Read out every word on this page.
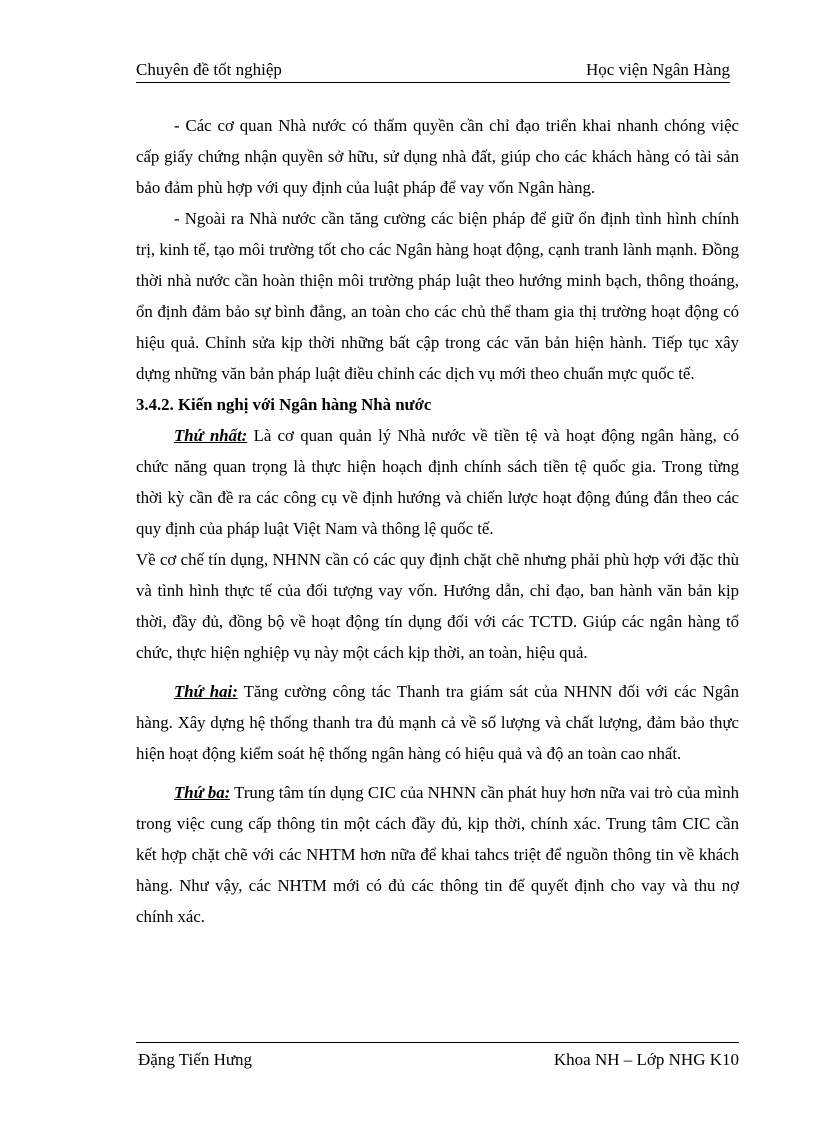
Chuyên đề tốt nghiệp	Học viện Ngân Hàng

- Các cơ quan Nhà nước có thẩm quyền cần chỉ đạo triển khai nhanh chóng việc cấp giấy chứng nhận quyền sở hữu, sử dụng nhà đất, giúp cho các khách hàng có tài sản bảo đảm phù hợp với quy định của luật pháp để vay vốn Ngân hàng.

- Ngoài ra Nhà nước cần tăng cường các biện pháp để giữ ổn định tình hình chính trị, kinh tế, tạo môi trường tốt cho các Ngân hàng hoạt động, cạnh tranh lành mạnh. Đồng thời nhà nước cần hoàn thiện môi trường pháp luật theo hướng minh bạch, thông thoáng, ổn định đảm bảo sự bình đẳng, an toàn cho các chủ thể tham gia thị trường hoạt động có hiệu quả. Chỉnh sửa kịp thời những bất cập trong các văn bản hiện hành. Tiếp tục xây dựng những văn bản pháp luật điều chỉnh các dịch vụ mới theo chuẩn mực quốc tế.

3.4.2. Kiến nghị với Ngân hàng Nhà nước

Thứ nhất: Là cơ quan quản lý Nhà nước về tiền tệ và hoạt động ngân hàng, có chức năng quan trọng là thực hiện hoạch định chính sách tiền tệ quốc gia. Trong từng thời kỳ cần đề ra các công cụ về định hướng và chiến lược hoạt động đúng đắn theo các quy định của pháp luật Việt Nam và thông lệ quốc tế.

Về cơ chế tín dụng, NHNN cần có các quy định chặt chẽ nhưng phải phù hợp với đặc thù và tình hình thực tế của đối tượng vay vốn. Hướng dẫn, chỉ đạo, ban hành văn bản kịp thời, đầy đủ, đồng bộ về hoạt động tín dụng đối với các TCTD. Giúp các ngân hàng tổ chức, thực hiện nghiệp vụ này một cách kịp thời, an toàn, hiệu quả.

Thứ hai: Tăng cường công tác Thanh tra giám sát của NHNN đối với các Ngân hàng. Xây dựng hệ thống thanh tra đủ mạnh cả về số lượng và chất lượng, đảm bảo thực hiện hoạt động kiểm soát hệ thống ngân hàng có hiệu quả và độ an toàn cao nhất.

Thứ ba: Trung tâm tín dụng CIC của NHNN cần phát huy hơn nữa vai trò của mình trong việc cung cấp thông tin một cách đầy đủ, kịp thời, chính xác. Trung tâm CIC cần kết hợp chặt chẽ với các NHTM hơn nữa để khai tahcs triệt để nguồn thông tin về khách hàng. Như vậy, các NHTM mới có đủ các thông tin để quyết định cho vay và thu nợ chính xác.

Đặng Tiến Hưng	Khoa NH – Lớp NHG K10
